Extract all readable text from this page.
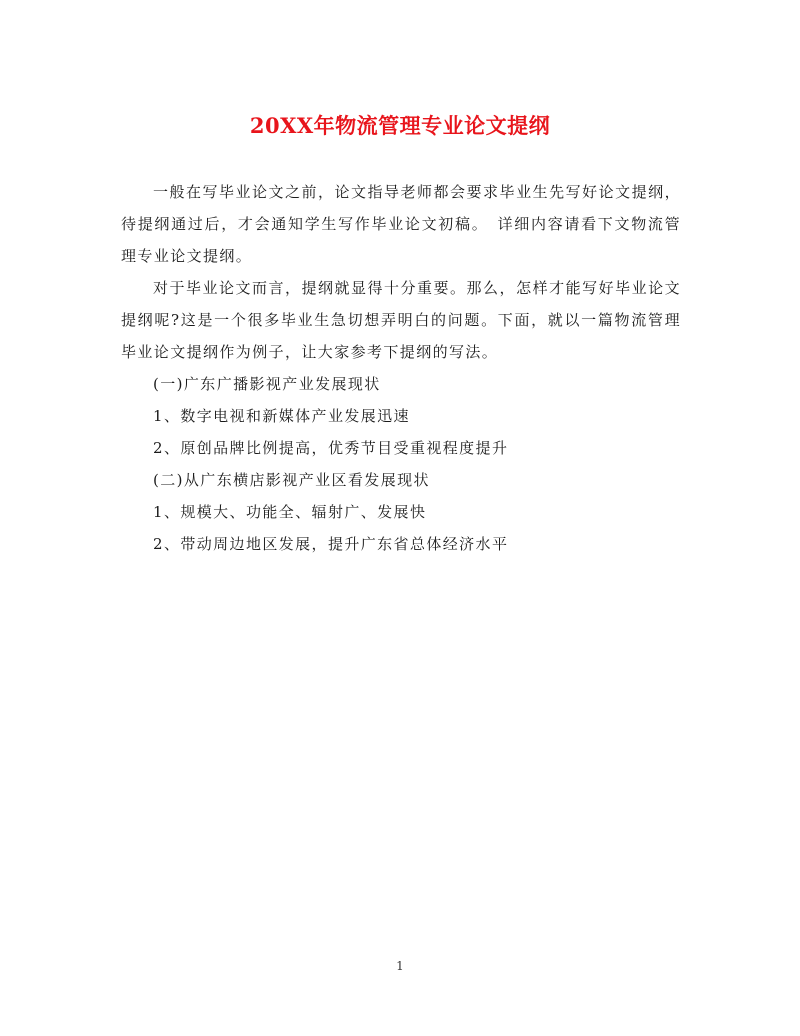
20XX年物流管理专业论文提纲

一般在写毕业论文之前，论文指导老师都会要求毕业生先写好论文提纲，待提纲通过后，才会通知学生写作毕业论文初稿。　详细内容请看下文物流管理专业论文提纲。

对于毕业论文而言，提纲就显得十分重要。那么，怎样才能写好毕业论文提纲呢?这是一个很多毕业生急切想弄明白的问题。下面，就以一篇物流管理毕业论文提纲作为例子，让大家参考下提纲的写法。

(一)广东广播影视产业发展现状

1、数字电视和新媒体产业发展迅速

2、原创品牌比例提高，优秀节目受重视程度提升

(二)从广东横店影视产业区看发展现状

1、规模大、功能全、辐射广、发展快

2、带动周边地区发展，提升广东省总体经济水平

1
